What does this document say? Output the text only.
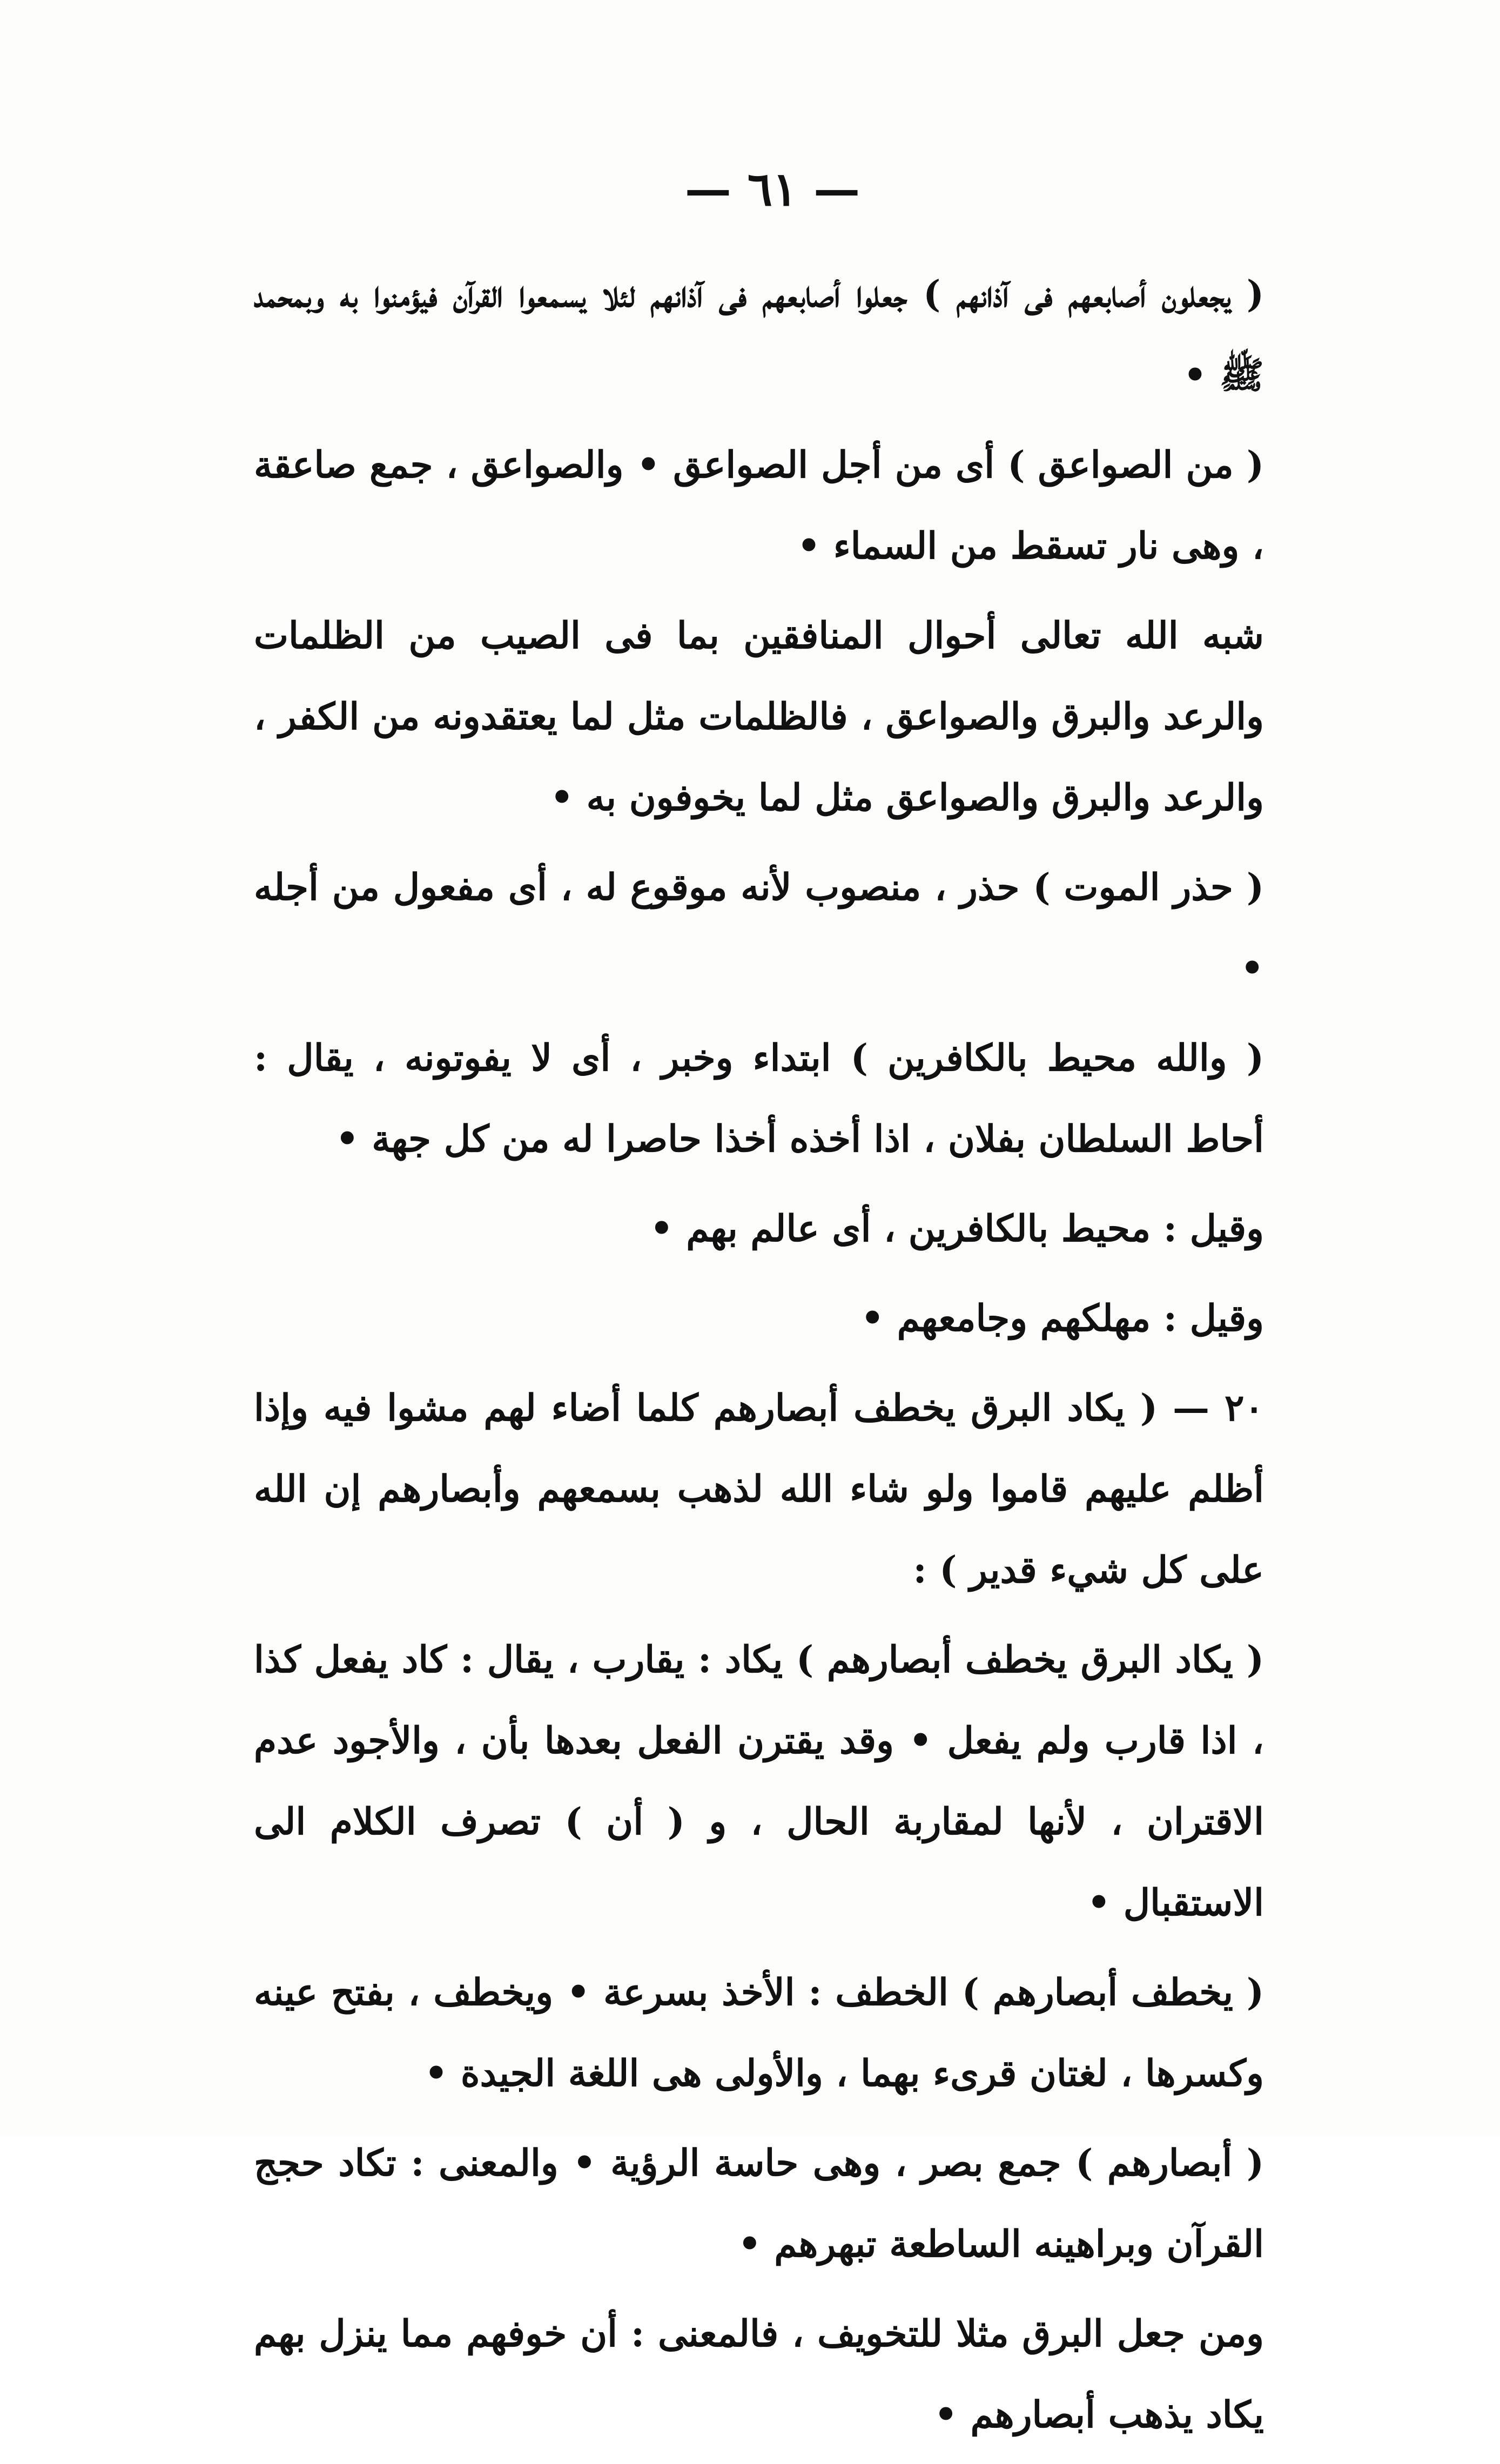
— ٦١ —

( يجعلون أصابعهم فى آذانهم ) جعلوا أصابعهم فى آذانهم لئلا يسمعوا القرآن فيؤمنوا به وبمحمد ﷺ •

( من الصواعق ) أى من أجل الصواعق • والصواعق ، جمع صاعقة ، وهى نار تسقط من السماء •

شبه الله تعالى أحوال المنافقين بما فى الصيب من الظلمات والرعد والبرق والصواعق ، فالظلمات مثل لما يعتقدونه من الكفر ، والرعد والبرق والصواعق مثل لما يخوفون به •

( حذر الموت ) حذر ، منصوب لأنه موقوع له ، أى مفعول من أجله •

( والله محيط بالكافرين ) ابتداء وخبر ، أى لا يفوتونه ، يقال : أحاط السلطان بفلان ، اذا أخذه أخذا حاصرا له من كل جهة •

وقيل : محيط بالكافرين ، أى عالم بهم •

وقيل : مهلكهم وجامعهم •

٢٠ — ( يكاد البرق يخطف أبصارهم كلما أضاء لهم مشوا فيه وإذا أظلم عليهم قاموا ولو شاء الله لذهب بسمعهم وأبصارهم إن الله على كل شيء قدير ) :

( يكاد البرق يخطف أبصارهم ) يكاد : يقارب ، يقال : كاد يفعل كذا ، اذا قارب ولم يفعل • وقد يقترن الفعل بعدها بأن ، والأجود عدم الاقتران ، لأنها لمقاربة الحال ، و ( أن ) تصرف الكلام الى الاستقبال •

( يخطف أبصارهم ) الخطف : الأخذ بسرعة • ويخطف ، بفتح عينه وكسرها ، لغتان قرىء بهما ، والأولى هى اللغة الجيدة •

( أبصارهم ) جمع بصر ، وهى حاسة الرؤية • والمعنى : تكاد حجج القرآن وبراهينه الساطعة تبهرهم •

ومن جعل البرق مثلا للتخويف ، فالمعنى : أن خوفهم مما ينزل بهم يكاد يذهب أبصارهم •
